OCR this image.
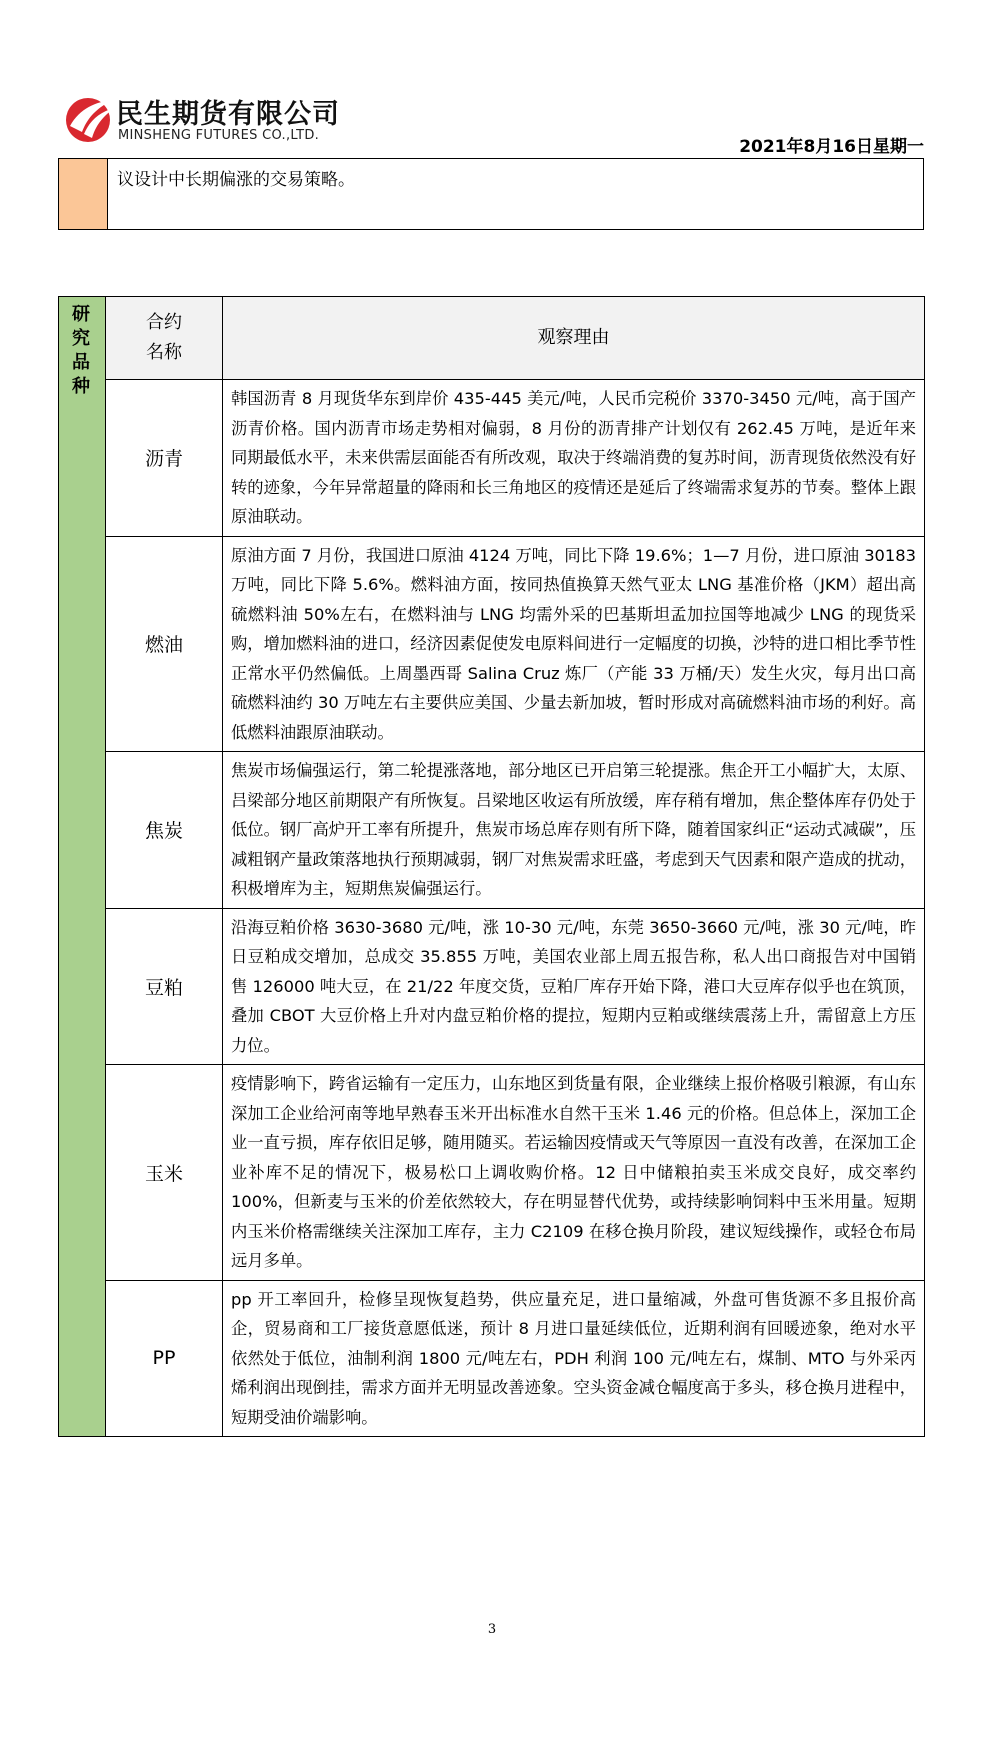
民生期货有限公司
MINSHENG FUTURES CO.,LTD.
2021年8月16日星期一
议设计中长期偏涨的交易策略。
研究品种
合约
名称
观察理由
沥青
韩国沥青 8 月现货华东到岸价 435-445 美元/吨，人民币完税价 3370-3450 元/吨，高于国产沥青价格。国内沥青市场走势相对偏弱，8 月份的沥青排产计划仅有 262.45 万吨，是近年来同期最低水平，未来供需层面能否有所改观，取决于终端消费的复苏时间，沥青现货依然没有好转的迹象，今年异常超量的降雨和长三角地区的疫情还是延后了终端需求复苏的节奏。整体上跟原油联动。
燃油
原油方面 7 月份，我国进口原油 4124 万吨，同比下降 19.6%；1—7 月份，进口原油 30183 万吨，同比下降 5.6%。燃料油方面，按同热值换算天然气亚太 LNG 基准价格（JKM）超出高硫燃料油 50%左右，在燃料油与 LNG 均需外采的巴基斯坦孟加拉国等地减少 LNG 的现货采购，增加燃料油的进口，经济因素促使发电原料间进行一定幅度的切换，沙特的进口相比季节性正常水平仍然偏低。上周墨西哥 Salina Cruz 炼厂（产能 33 万桶/天）发生火灾，每月出口高硫燃料油约 30 万吨左右主要供应美国、少量去新加坡，暂时形成对高硫燃料油市场的利好。高低燃料油跟原油联动。
焦炭
焦炭市场偏强运行，第二轮提涨落地，部分地区已开启第三轮提涨。焦企开工小幅扩大，太原、吕梁部分地区前期限产有所恢复。吕梁地区收运有所放缓，库存稍有增加，焦企整体库存仍处于低位。钢厂高炉开工率有所提升，焦炭市场总库存则有所下降，随着国家纠正“运动式减碳”，压减粗钢产量政策落地执行预期减弱，钢厂对焦炭需求旺盛，考虑到天气因素和限产造成的扰动，积极增库为主，短期焦炭偏强运行。
豆粕
沿海豆粕价格 3630-3680 元/吨，涨 10-30 元/吨，东莞 3650-3660 元/吨，涨 30 元/吨，昨日豆粕成交增加，总成交 35.855 万吨，美国农业部上周五报告称，私人出口商报告对中国销售 126000 吨大豆，在 21/22 年度交货，豆粕厂库存开始下降，港口大豆库存似乎也在筑顶，叠加 CBOT 大豆价格上升对内盘豆粕价格的提拉，短期内豆粕或继续震荡上升，需留意上方压力位。
玉米
疫情影响下，跨省运输有一定压力，山东地区到货量有限，企业继续上报价格吸引粮源，有山东深加工企业给河南等地早熟春玉米开出标准水自然干玉米 1.46 元的价格。但总体上，深加工企业一直亏损，库存依旧足够，随用随买。若运输因疫情或天气等原因一直没有改善，在深加工企业补库不足的情况下，极易松口上调收购价格。12 日中储粮拍卖玉米成交良好，成交率约 100%，但新麦与玉米的价差依然较大，存在明显替代优势，或持续影响饲料中玉米用量。短期内玉米价格需继续关注深加工库存，主力 C2109 在移仓换月阶段，建议短线操作，或轻仓布局远月多单。
PP
pp 开工率回升，检修呈现恢复趋势，供应量充足，进口量缩减，外盘可售货源不多且报价高企，贸易商和工厂接货意愿低迷，预计 8 月进口量延续低位，近期利润有回暖迹象，绝对水平依然处于低位，油制利润 1800 元/吨左右，PDH 利润 100 元/吨左右，煤制、MTO 与外采丙烯利润出现倒挂，需求方面并无明显改善迹象。空头资金减仓幅度高于多头，移仓换月进程中，短期受油价端影响。
3
